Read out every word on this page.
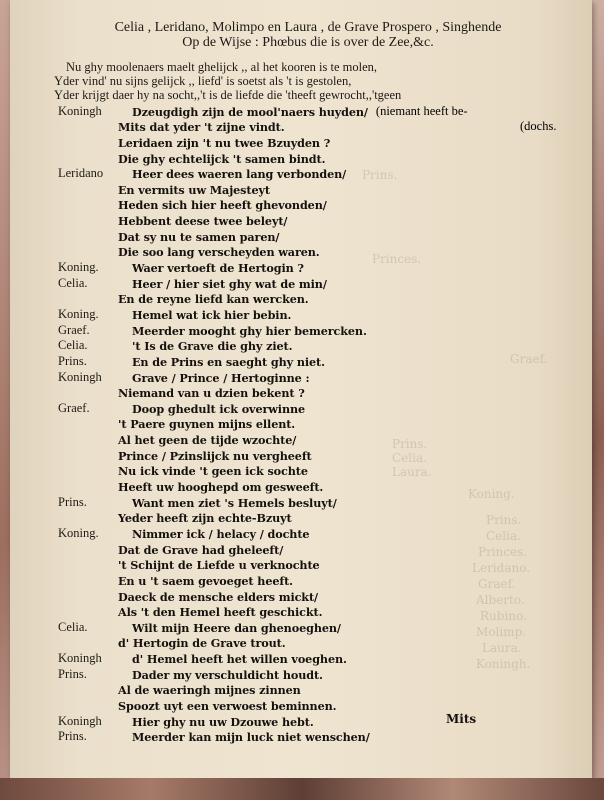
Prins.
Princes.
Graef.
Prins.
Celia.
Laura.
Koning.
Prins.
Celia.
Princes.
Leridano.
Graef.
Alberto.
Rubino.
Molimp.
Laura.
Koningh.
Celia , Leridano, Molimpo en Laura , de Grave Prospero , Singhende
Op de Wijse : Phœbus die is over de Zee,&c.
Nu ghy moolenaers maelt ghelijck ,, al het kooren is te molen,
Yder vind' nu sijns gelijck ,, liefd' is soetst als 't is gestolen,
Yder krijgt daer hy na socht,,'t is de liefde die 'theeft gewrocht,,'tgeen
Koningh	Dzeugdigh zijn de mool'naers huyden/ (niemant heeft be-
Mits dat yder 't zijne vindt.	(dochs.
Leridaen zijn 't nu twee Bzuyden ?
Die ghy echtelijck 't samen bindt.
Leridano	Heer dees waeren lang verbonden/
En vermits uw Majesteyt
Heden sich hier heeft ghevonden/
Hebbent deese twee beleyt/
Dat sy nu te samen paren/
Die soo lang verscheyden waren.
Koning.	Waer vertoeft de Hertogin ?
Celia.	Heer / hier siet ghy wat de min/
En de reyne liefd kan wercken.
Koning.	Hemel wat ick hier bebin.
Graef.	Meerder mooght ghy hier bemercken.
Celia.	't Is de Grave die ghy ziet.
Prins.	En de Prins en saeght ghy niet.
Koningh	Grave / Prince / Hertoginne :
Niemand van u dzien bekent ?
Graef.	Doop ghedult ick overwinne
't Paere guynen mijns ellent.
Al het geen de tijde wzochte/
Prince / Pzinslijck nu vergheeft
Nu ick vinde 't geen ick sochte
Heeft uw hooghepd om gesweeft.
Prins.	Want men ziet 's Hemels besluyt/
Yeder heeft zijn echte-Bzuyt
Koning.	Nimmer ick / helacy / dochte
Dat de Grave had gheleeft/
't Schijnt de Liefde u verknochte
En u 't saem gevoeget heeft.
Daeck de mensche elders mickt/
Als 't den Hemel heeft geschickt.
Celia.	Wilt mijn Heere dan ghenoeghen/
d' Hertogin de Grave trout.
Koningh	d' Hemel heeft het willen voeghen.
Prins.	Dader my verschuldicht houdt.
Al de waeringh mijnes zinnen
Spoozt uyt een verwoest beminnen.
Koningh	Hier ghy nu uw Dzouwe hebt.
Prins.	Meerder kan mijn luck niet wenschen/
Mits
